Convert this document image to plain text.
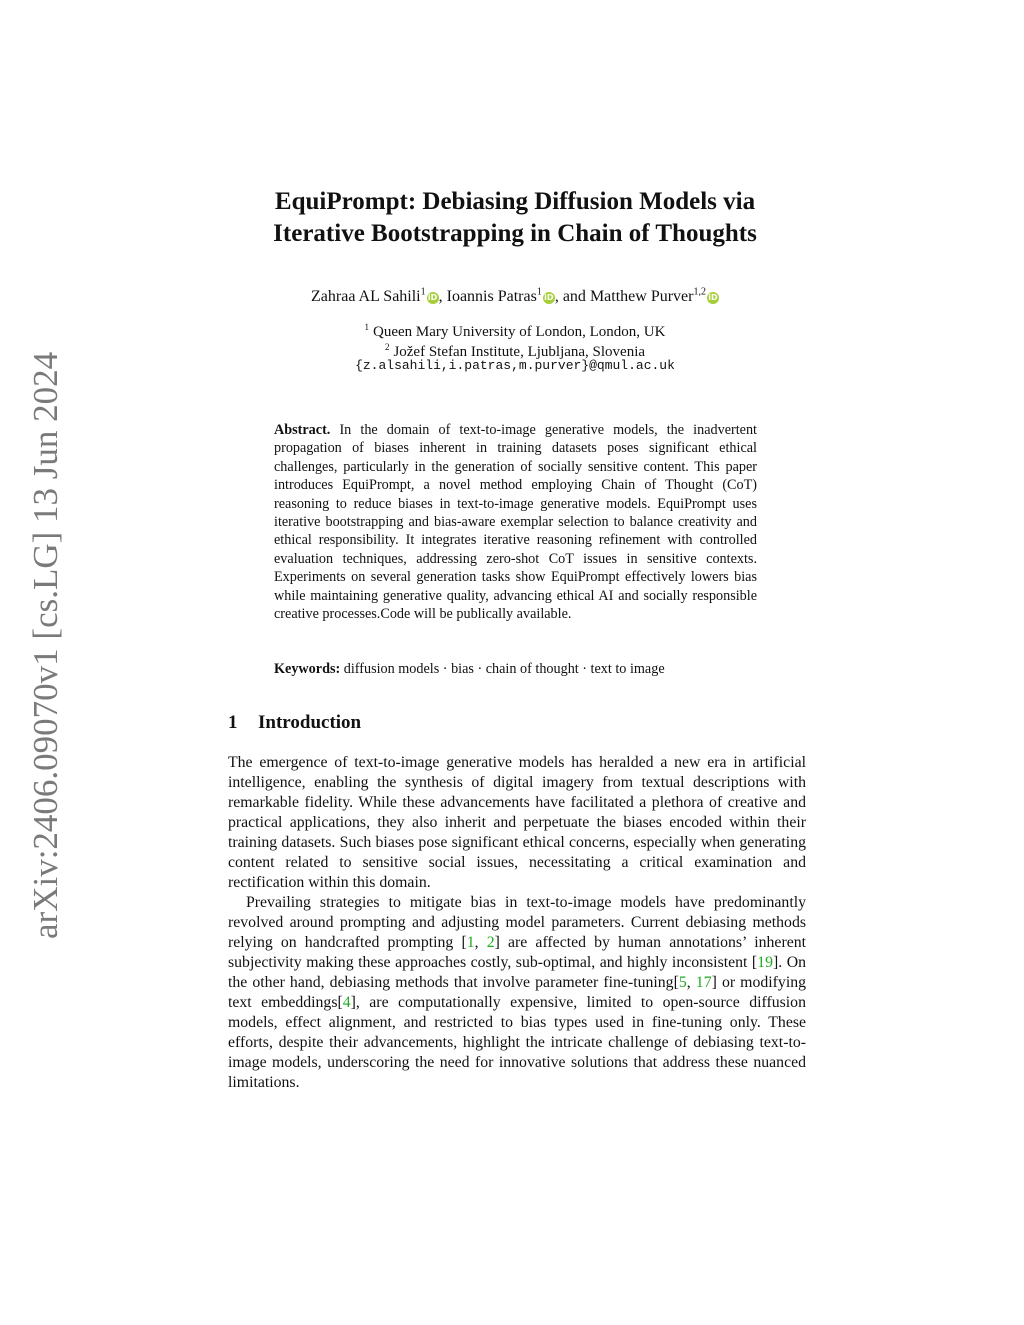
arXiv:2406.09070v1 [cs.LG] 13 Jun 2024
EquiPrompt: Debiasing Diffusion Models via
Iterative Bootstrapping in Chain of Thoughts
Zahraa AL Sahili$^1$ iD, Ioannis Patras$^1$ iD, and Matthew Purver$^{1,2}$ iD
$^1$ Queen Mary University of London, London, UK
$^2$ Jožef Stefan Institute, Ljubljana, Slovenia
{z.alsahili,i.patras,m.purver}@qmul.ac.uk

Abstract. In the domain of text-to-image generative models, the inadvertent propagation of biases inherent in training datasets poses significant ethical challenges, particularly in the generation of socially sensitive content. This paper introduces EquiPrompt, a novel method employing Chain of Thought (CoT) reasoning to reduce biases in text-to-image generative models. EquiPrompt uses iterative bootstrapping and bias-aware exemplar selection to balance creativity and ethical responsibility. It integrates iterative reasoning refinement with controlled evaluation techniques, addressing zero-shot CoT issues in sensitive contexts. Experiments on several generation tasks show EquiPrompt effectively lowers bias while maintaining generative quality, advancing ethical AI and socially responsible creative processes.Code will be publically available.

Keywords: diffusion models · bias · chain of thought · text to image

1 Introduction

The emergence of text-to-image generative models has heralded a new era in artificial intelligence, enabling the synthesis of digital imagery from textual descriptions with remarkable fidelity. While these advancements have facilitated a plethora of creative and practical applications, they also inherit and perpetuate the biases encoded within their training datasets. Such biases pose significant ethical concerns, especially when generating content related to sensitive social issues, necessitating a critical examination and rectification within this domain.

Prevailing strategies to mitigate bias in text-to-image models have predominantly revolved around prompting and adjusting model parameters. Current debiasing methods relying on handcrafted prompting [1, 2] are affected by human annotations’ inherent subjectivity making these approaches costly, sub-optimal, and highly inconsistent [19]. On the other hand, debiasing methods that involve parameter fine-tuning[5, 17] or modifying text embeddings[4], are computationally expensive, limited to open-source diffusion models, effect alignment, and restricted to bias types used in fine-tuning only. These efforts, despite their advancements, highlight the intricate challenge of debiasing text-to-image models, underscoring the need for innovative solutions that address these nuanced limitations.
